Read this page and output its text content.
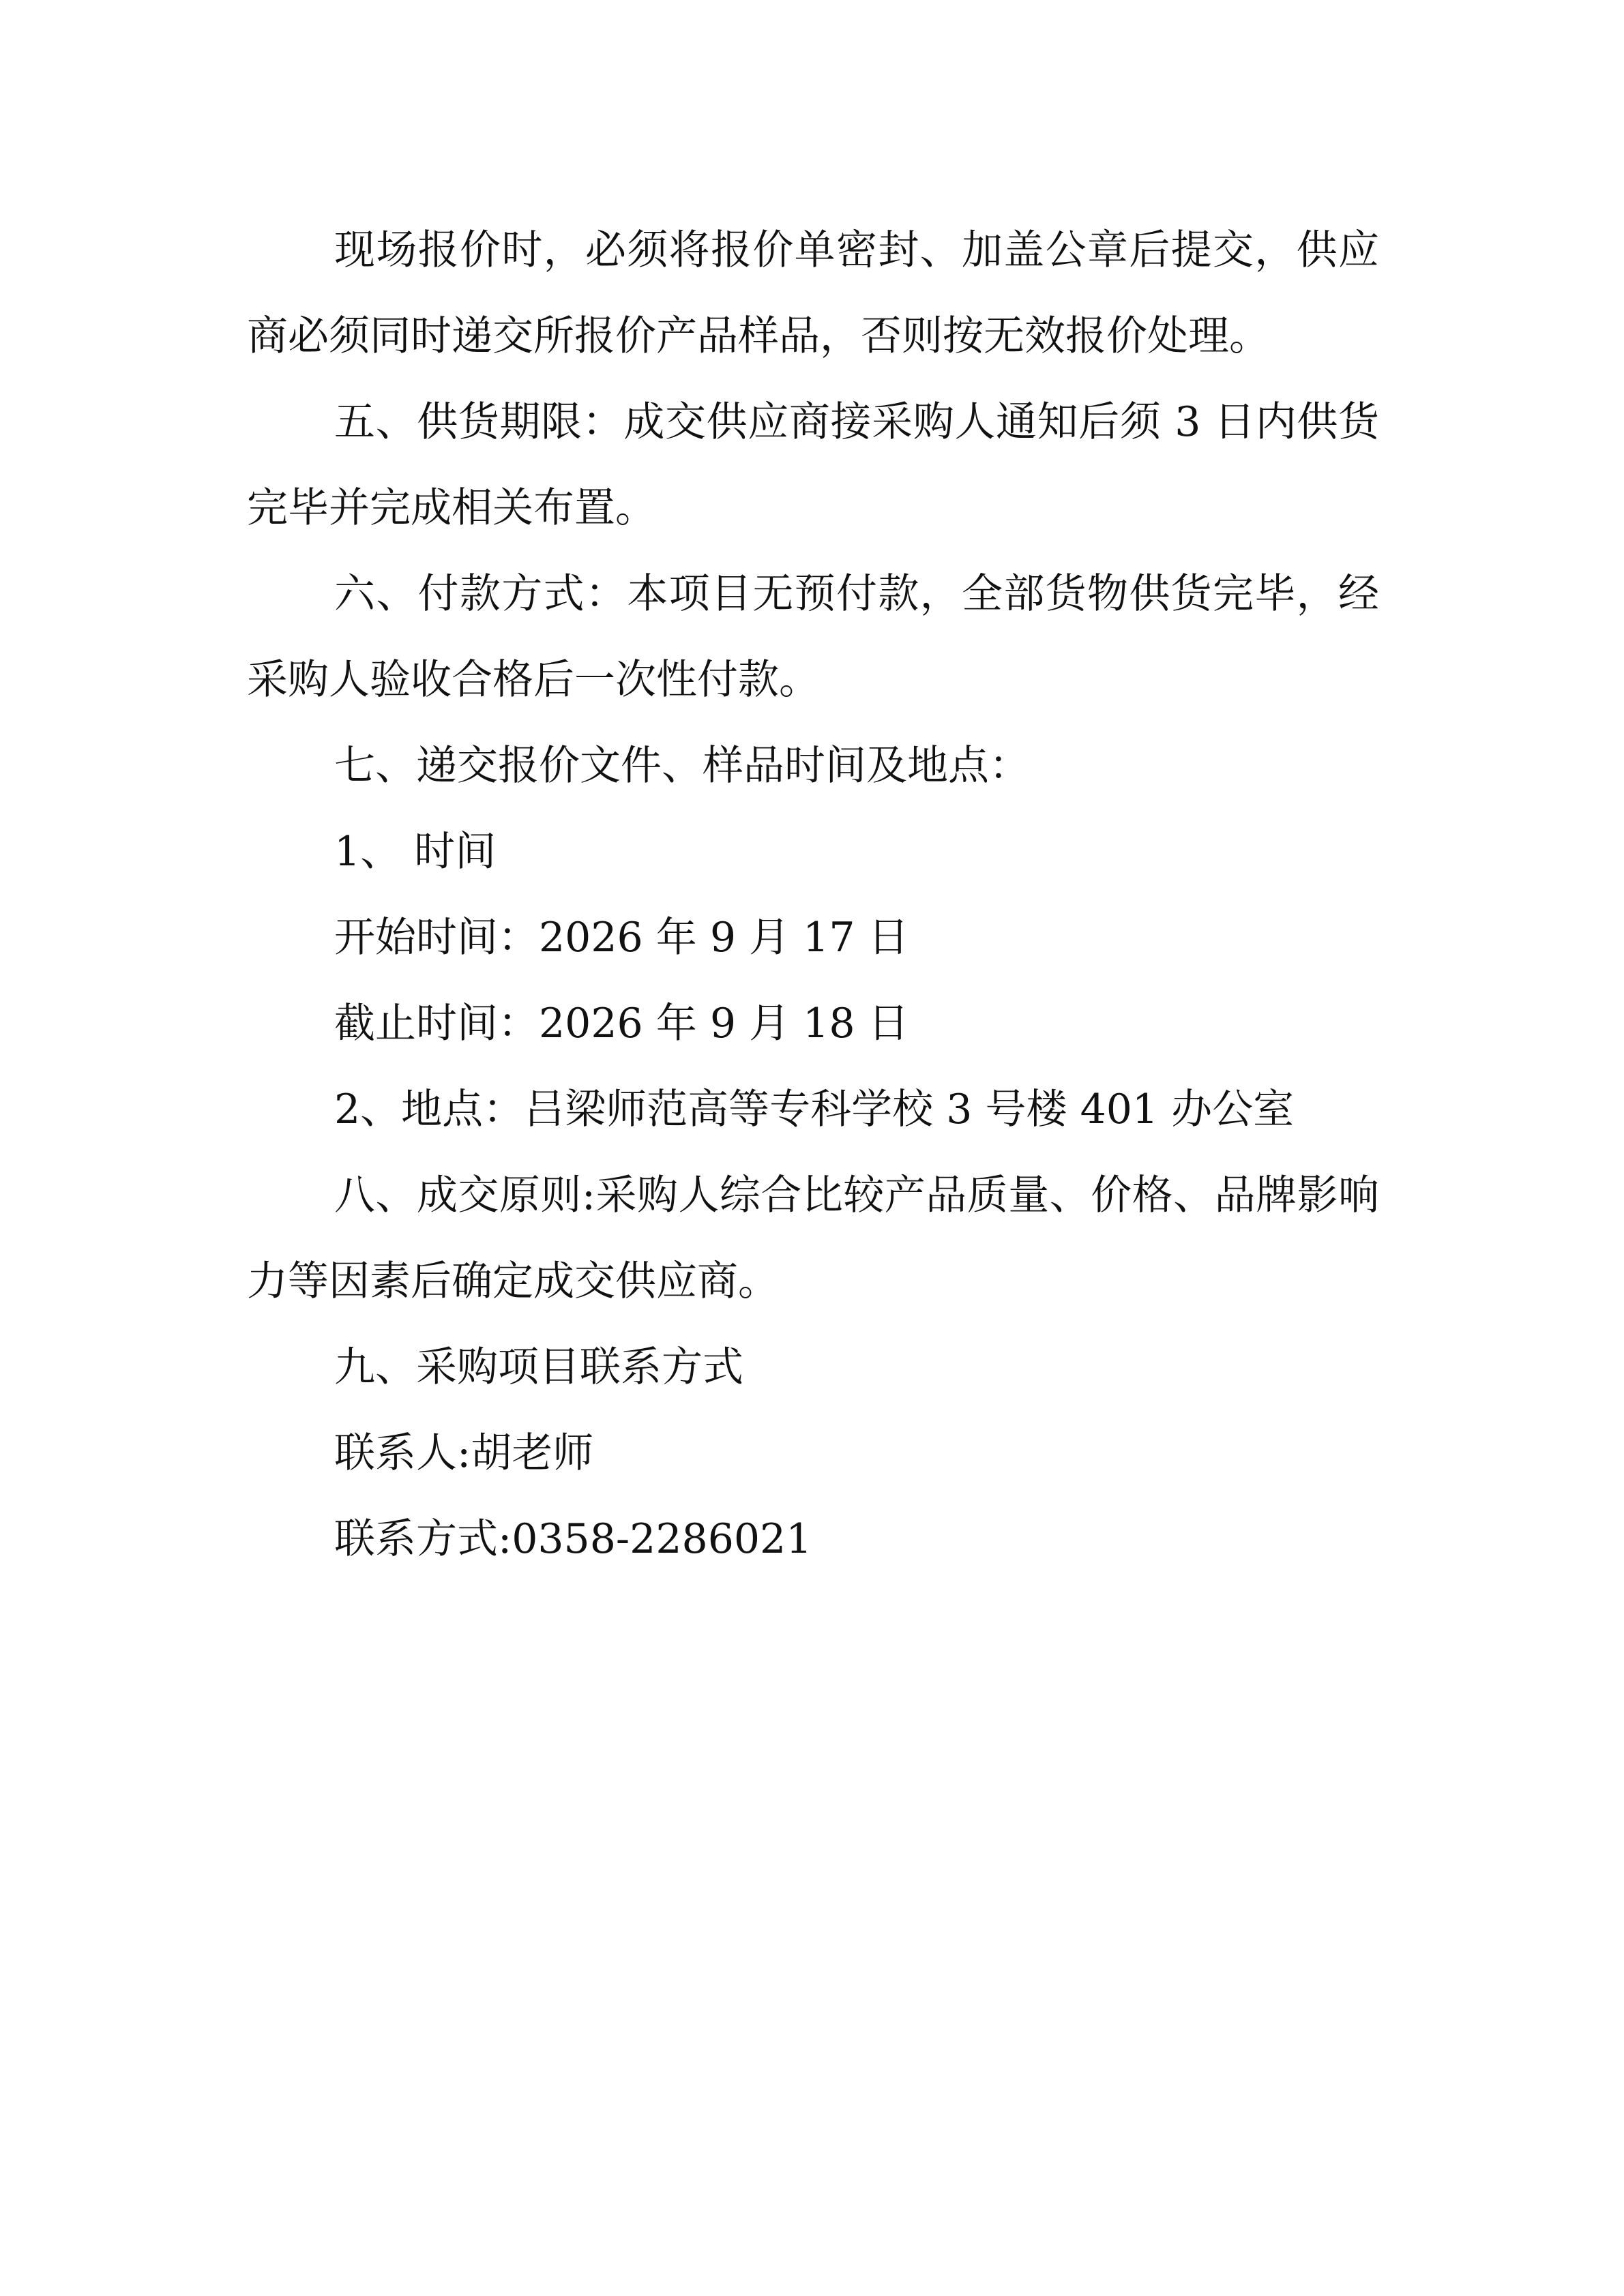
现场报价时，必须将报价单密封、加盖公章后提交，供应商必须同时递交所报价产品样品，否则按无效报价处理。

五、供货期限：成交供应商接采购人通知后须 3 日内供货完毕并完成相关布置。

六、付款方式：本项目无预付款，全部货物供货完毕，经采购人验收合格后一次性付款。

七、递交报价文件、样品时间及地点：

1、 时间

开始时间：2026 年 9 月 17 日

截止时间：2026 年 9 月 18 日

2、地点：吕梁师范高等专科学校 3 号楼 401 办公室

八、成交原则:采购人综合比较产品质量、价格、品牌影响力等因素后确定成交供应商。

九、采购项目联系方式

联系人:胡老师

联系方式:0358-2286021
